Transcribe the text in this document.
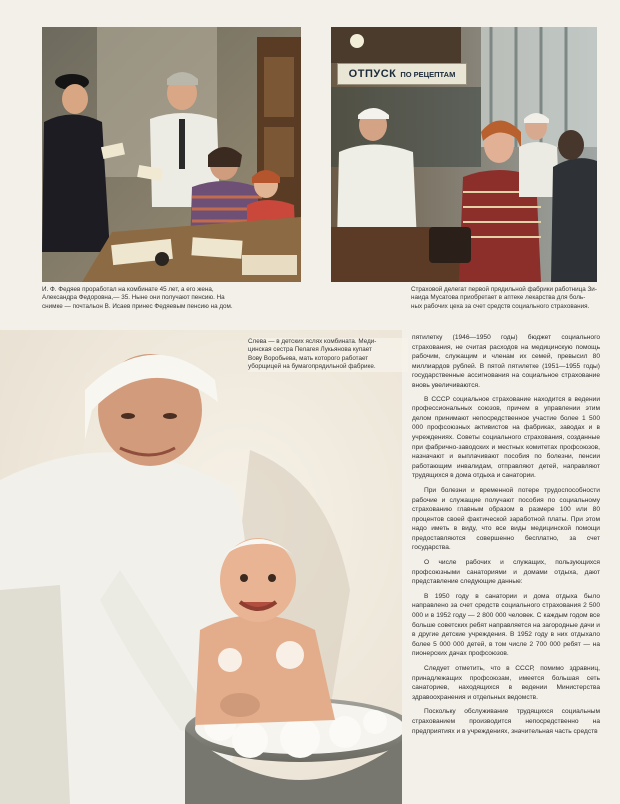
И. Ф. Федяев проработал на комбинате 45 лет, а его жена,
Александра Федоровна,— 35. Ныне они получают пенсию. На
снимке — почтальон В. Исаев принес Федяевым пенсию на дом.
ОТПУСК ПО РЕЦЕПТАМ
Страховой делегат первой прядильной фабрики работница Зи-
наида Мусатова приобретает в аптеке лекарства для боль-
ных рабочих цеха за счет средств социального страхования.
Слева — в детских яслях комбината. Меди-
цинская сестра Пелагея Лукьянова купает
Вову Воробьева, мать которого работает
уборщицей на бумагопрядильной фабрике.

пятилетку (1946—1950 годы) бюджет социального страхования, не считая расходов на медицинскую помощь рабочим, служащим и членам их семей, превысил 80 миллиардов рублей. В пятой пятилетке (1951—1955 годы) государственные ассигнования на социальное страхование вновь увеличиваются.

В СССР социальное страхование находится в ведении профессиональных союзов, причем в управлении этим делом принимают непосредственное участие более 1 500 000 профсоюзных активистов на фабриках, заводах и в учреждениях. Советы социального страхования, созданные при фабрично-заводских и местных комитетах профсоюзов, назначают и выплачивают пособия по болезни, пенсии работающим инвалидам, отправляют детей, направляют трудящихся в дома отдыха и санатории.

При болезни и временной потере трудоспособности рабочие и служащие получают пособия по социальному страхованию главным образом в размере 100 или 80 процентов своей фактической заработной платы. При этом надо иметь в виду, что все виды медицинской помощи предоставляются совершенно бесплатно, за счет государства.

О числе рабочих и служащих, пользующихся профсоюзными санаториями и домами отдыха, дают представление следующие данные:

В 1950 году в санатории и дома отдыха было направлено за счет средств социального страхования 2 500 000 и в 1952 году — 2 800 000 человек. С каждым годом все больше советских ребят направляется на загородные дачи и в другие детские учреждения. В 1952 году в них отдыхало более 5 000 000 детей, в том числе 2 700 000 ребят — на пионерских дачах профсоюзов.

Следует отметить, что в СССР, помимо здравниц, принадлежащих профсоюзам, имеется большая сеть санаториев, находящихся в ведении Министерства здравоохранения и отдельных ведомств.

Поскольку обслуживание трудящихся социальным страхованием производится непосредственно на предприятиях и в учреждениях, значительная часть средств
